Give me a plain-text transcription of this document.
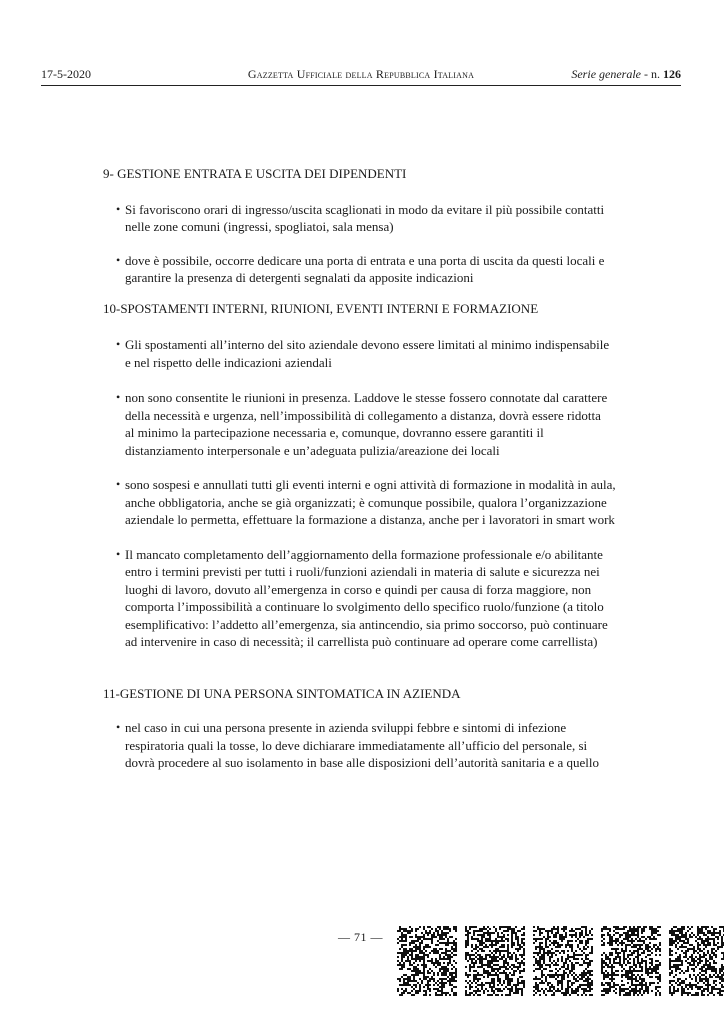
17-5-2020	Gazzetta Ufficiale della Repubblica Italiana	Serie generale - n. 126
9- GESTIONE ENTRATA E USCITA DEI DIPENDENTI
• Si favoriscono orari di ingresso/uscita scaglionati in modo da evitare il più possibile contatti
nelle zone comuni (ingressi, spogliatoi, sala mensa)
• dove è possibile, occorre dedicare una porta di entrata e una porta di uscita da questi locali e
garantire la presenza di detergenti segnalati da apposite indicazioni
10-SPOSTAMENTI INTERNI, RIUNIONI, EVENTI INTERNI E FORMAZIONE
• Gli spostamenti all’interno del sito aziendale devono essere limitati al minimo indispensabile
e nel rispetto delle indicazioni aziendali
• non sono consentite le riunioni in presenza. Laddove le stesse fossero connotate dal carattere
della necessità e urgenza, nell’impossibilità di collegamento a distanza, dovrà essere ridotta
al minimo la partecipazione necessaria e, comunque, dovranno essere garantiti il
distanziamento interpersonale e un’adeguata pulizia/areazione dei locali
• sono sospesi e annullati tutti gli eventi interni e ogni attività di formazione in modalità in aula,
anche obbligatoria, anche se già organizzati; è comunque possibile, qualora l’organizzazione
aziendale lo permetta, effettuare la formazione a distanza, anche per i lavoratori in smart work
• Il mancato completamento dell’aggiornamento della formazione professionale e/o abilitante
entro i termini previsti per tutti i ruoli/funzioni aziendali in materia di salute e sicurezza nei
luoghi di lavoro, dovuto all’emergenza in corso e quindi per causa di forza maggiore, non
comporta l’impossibilità a continuare lo svolgimento dello specifico ruolo/funzione (a titolo
esemplificativo: l’addetto all’emergenza, sia antincendio, sia primo soccorso, può continuare
ad intervenire in caso di necessità; il carrellista può continuare ad operare come carrellista)
11-GESTIONE DI UNA PERSONA SINTOMATICA IN AZIENDA
• nel caso in cui una persona presente in azienda sviluppi febbre e sintomi di infezione
respiratoria quali la tosse, lo deve dichiarare immediatamente all’ufficio del personale, si
dovrà procedere al suo isolamento in base alle disposizioni dell’autorità sanitaria e a quello
— 71 —
